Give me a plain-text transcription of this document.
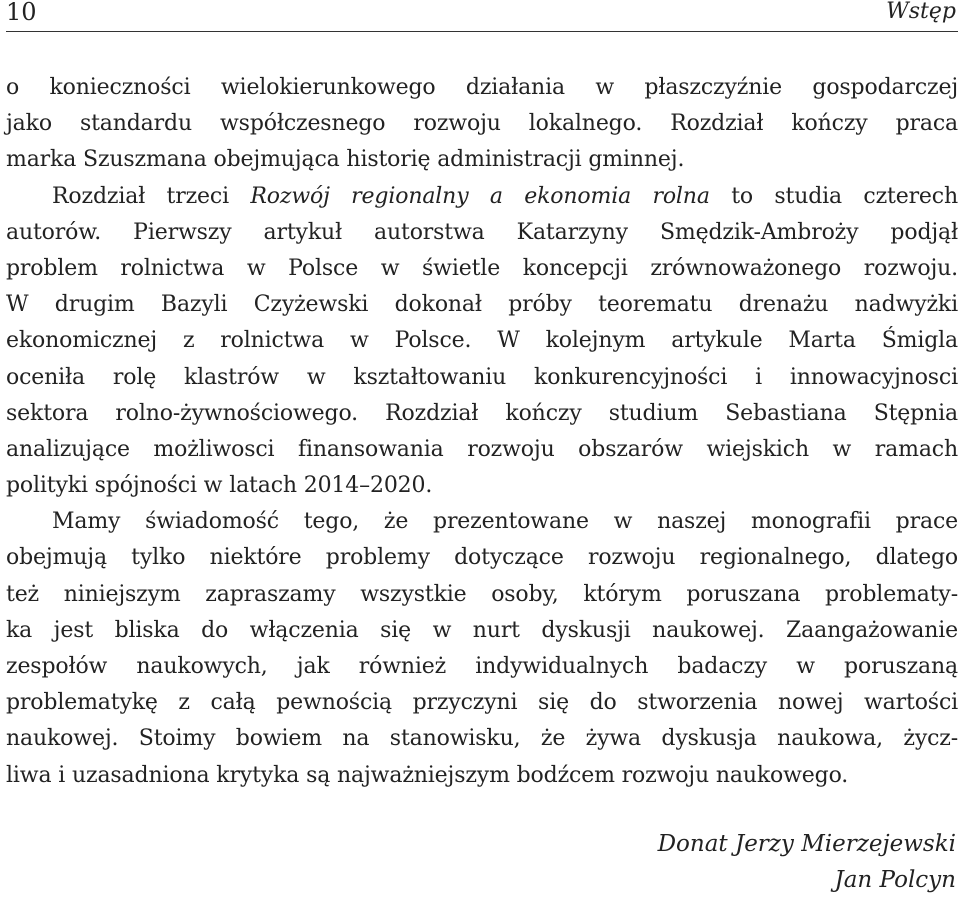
10	Wstęp
o konieczności wielokierunkowego działania w płaszczyźnie gospodarczej
jako standardu współczesnego rozwoju lokalnego. Rozdział kończy praca
marka Szuszmana obejmująca historię administracji gminnej.
Rozdział trzeci Rozwój regionalny a ekonomia rolna to studia czterech
autorów. Pierwszy artykuł autorstwa Katarzyny Smędzik-Ambroży podjął
problem rolnictwa w Polsce w świetle koncepcji zrównoważonego rozwoju.
W drugim Bazyli Czyżewski dokonał próby teorematu drenażu nadwyżki
ekonomicznej z rolnictwa w Polsce. W kolejnym artykule Marta Śmigla
oceniła rolę klastrów w kształtowaniu konkurencyjności i innowacyjnosci
sektora rolno-żywnościowego. Rozdział kończy studium Sebastiana Stępnia
analizujące możliwosci finansowania rozwoju obszarów wiejskich w ramach
polityki spójności w latach 2014–2020.
Mamy świadomość tego, że prezentowane w naszej monografii prace
obejmują tylko niektóre problemy dotyczące rozwoju regionalnego, dlatego
też niniejszym zapraszamy wszystkie osoby, którym poruszana problematy-
ka jest bliska do włączenia się w nurt dyskusji naukowej. Zaangażowanie
zespołów naukowych, jak również indywidualnych badaczy w poruszaną
problematykę z całą pewnością przyczyni się do stworzenia nowej wartości
naukowej. Stoimy bowiem na stanowisku, że żywa dyskusja naukowa, życz-
liwa i uzasadniona krytyka są najważniejszym bodźcem rozwoju naukowego.
Donat Jerzy Mierzejewski
Jan Polcyn
